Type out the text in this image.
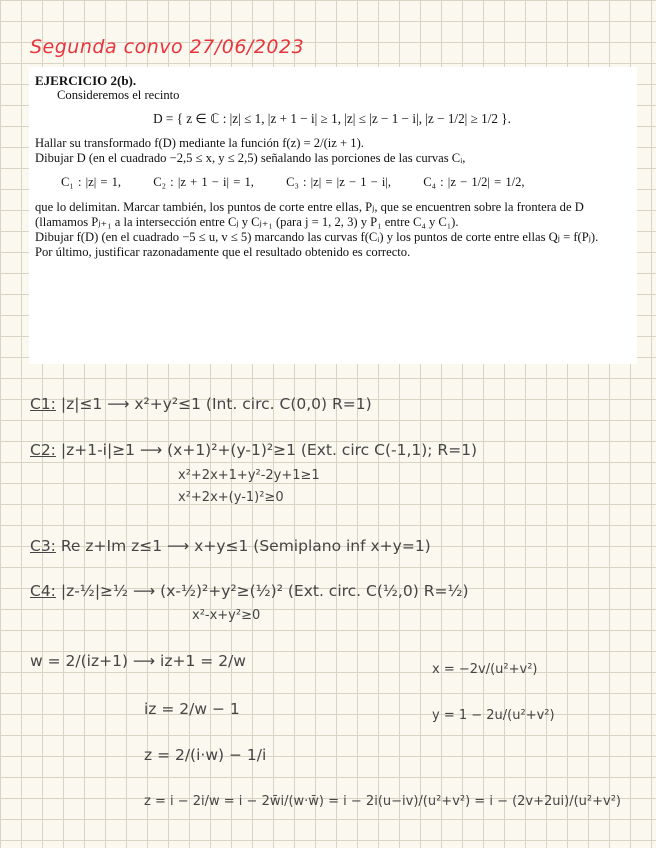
Segunda convo 27/06/2023

EJERCICIO 2(b).

Consideremos el recinto

D = { z ∈ ℂ : |z| ≤ 1, |z + 1 − i| ≥ 1, |z| ≤ |z − 1 − i|, |z − 1/2| ≥ 1/2 }.

Hallar su transformado f(D) mediante la función f(z) = 2/(iz + 1).

Dibujar D (en el cuadrado −2,5 ≤ x, y ≤ 2,5) señalando las porciones de las curvas Cᵢ,

C₁ : |z| = 1,	C₂ : |z + 1 − i| = 1,	C₃ : |z| = |z − 1 − i|,	C₄ : |z − 1/2| = 1/2,

que lo delimitan. Marcar también, los puntos de corte entre ellas, Pⱼ, que se encuentren sobre la frontera de D (llamamos Pⱼ₊₁ a la intersección entre Cⱼ y Cⱼ₊₁ (para j = 1, 2, 3) y P₁ entre C₄ y C₁).

Dibujar f(D) (en el cuadrado −5 ≤ u, v ≤ 5) marcando las curvas f(Cᵢ) y los puntos de corte entre ellas Qⱼ = f(Pⱼ).

Por último, justificar razonadamente que el resultado obtenido es correcto.

C1: |z|≤1 ⟶ x²+y²≤1 (Int. circ. C(0,0) R=1)
C2: |z+1-i|≥1 ⟶ (x+1)²+(y-1)²≥1 (Ext. circ C(-1,1); R=1)
x²+2x+1+y²-2y+1≥1
x²+2x+(y-1)²≥0
C3: Re z+Im z≤1 ⟶ x+y≤1 (Semiplano inf x+y=1)
C4: |z-½|≥½ ⟶ (x-½)²+y²≥(½)² (Ext. circ. C(½,0) R=½)
x²-x+y²≥0
w = 2/(iz+1) ⟶ iz+1 = 2/w
iz = 2/w − 1
z = 2/(i·w) − 1/i
z = i − 2i/w = i − 2w̄i/(w·w̄) = i − 2i(u−iv)/(u²+v²) = i − (2v+2ui)/(u²+v²)
x = −2v/(u²+v²)
y = 1 − 2u/(u²+v²)
